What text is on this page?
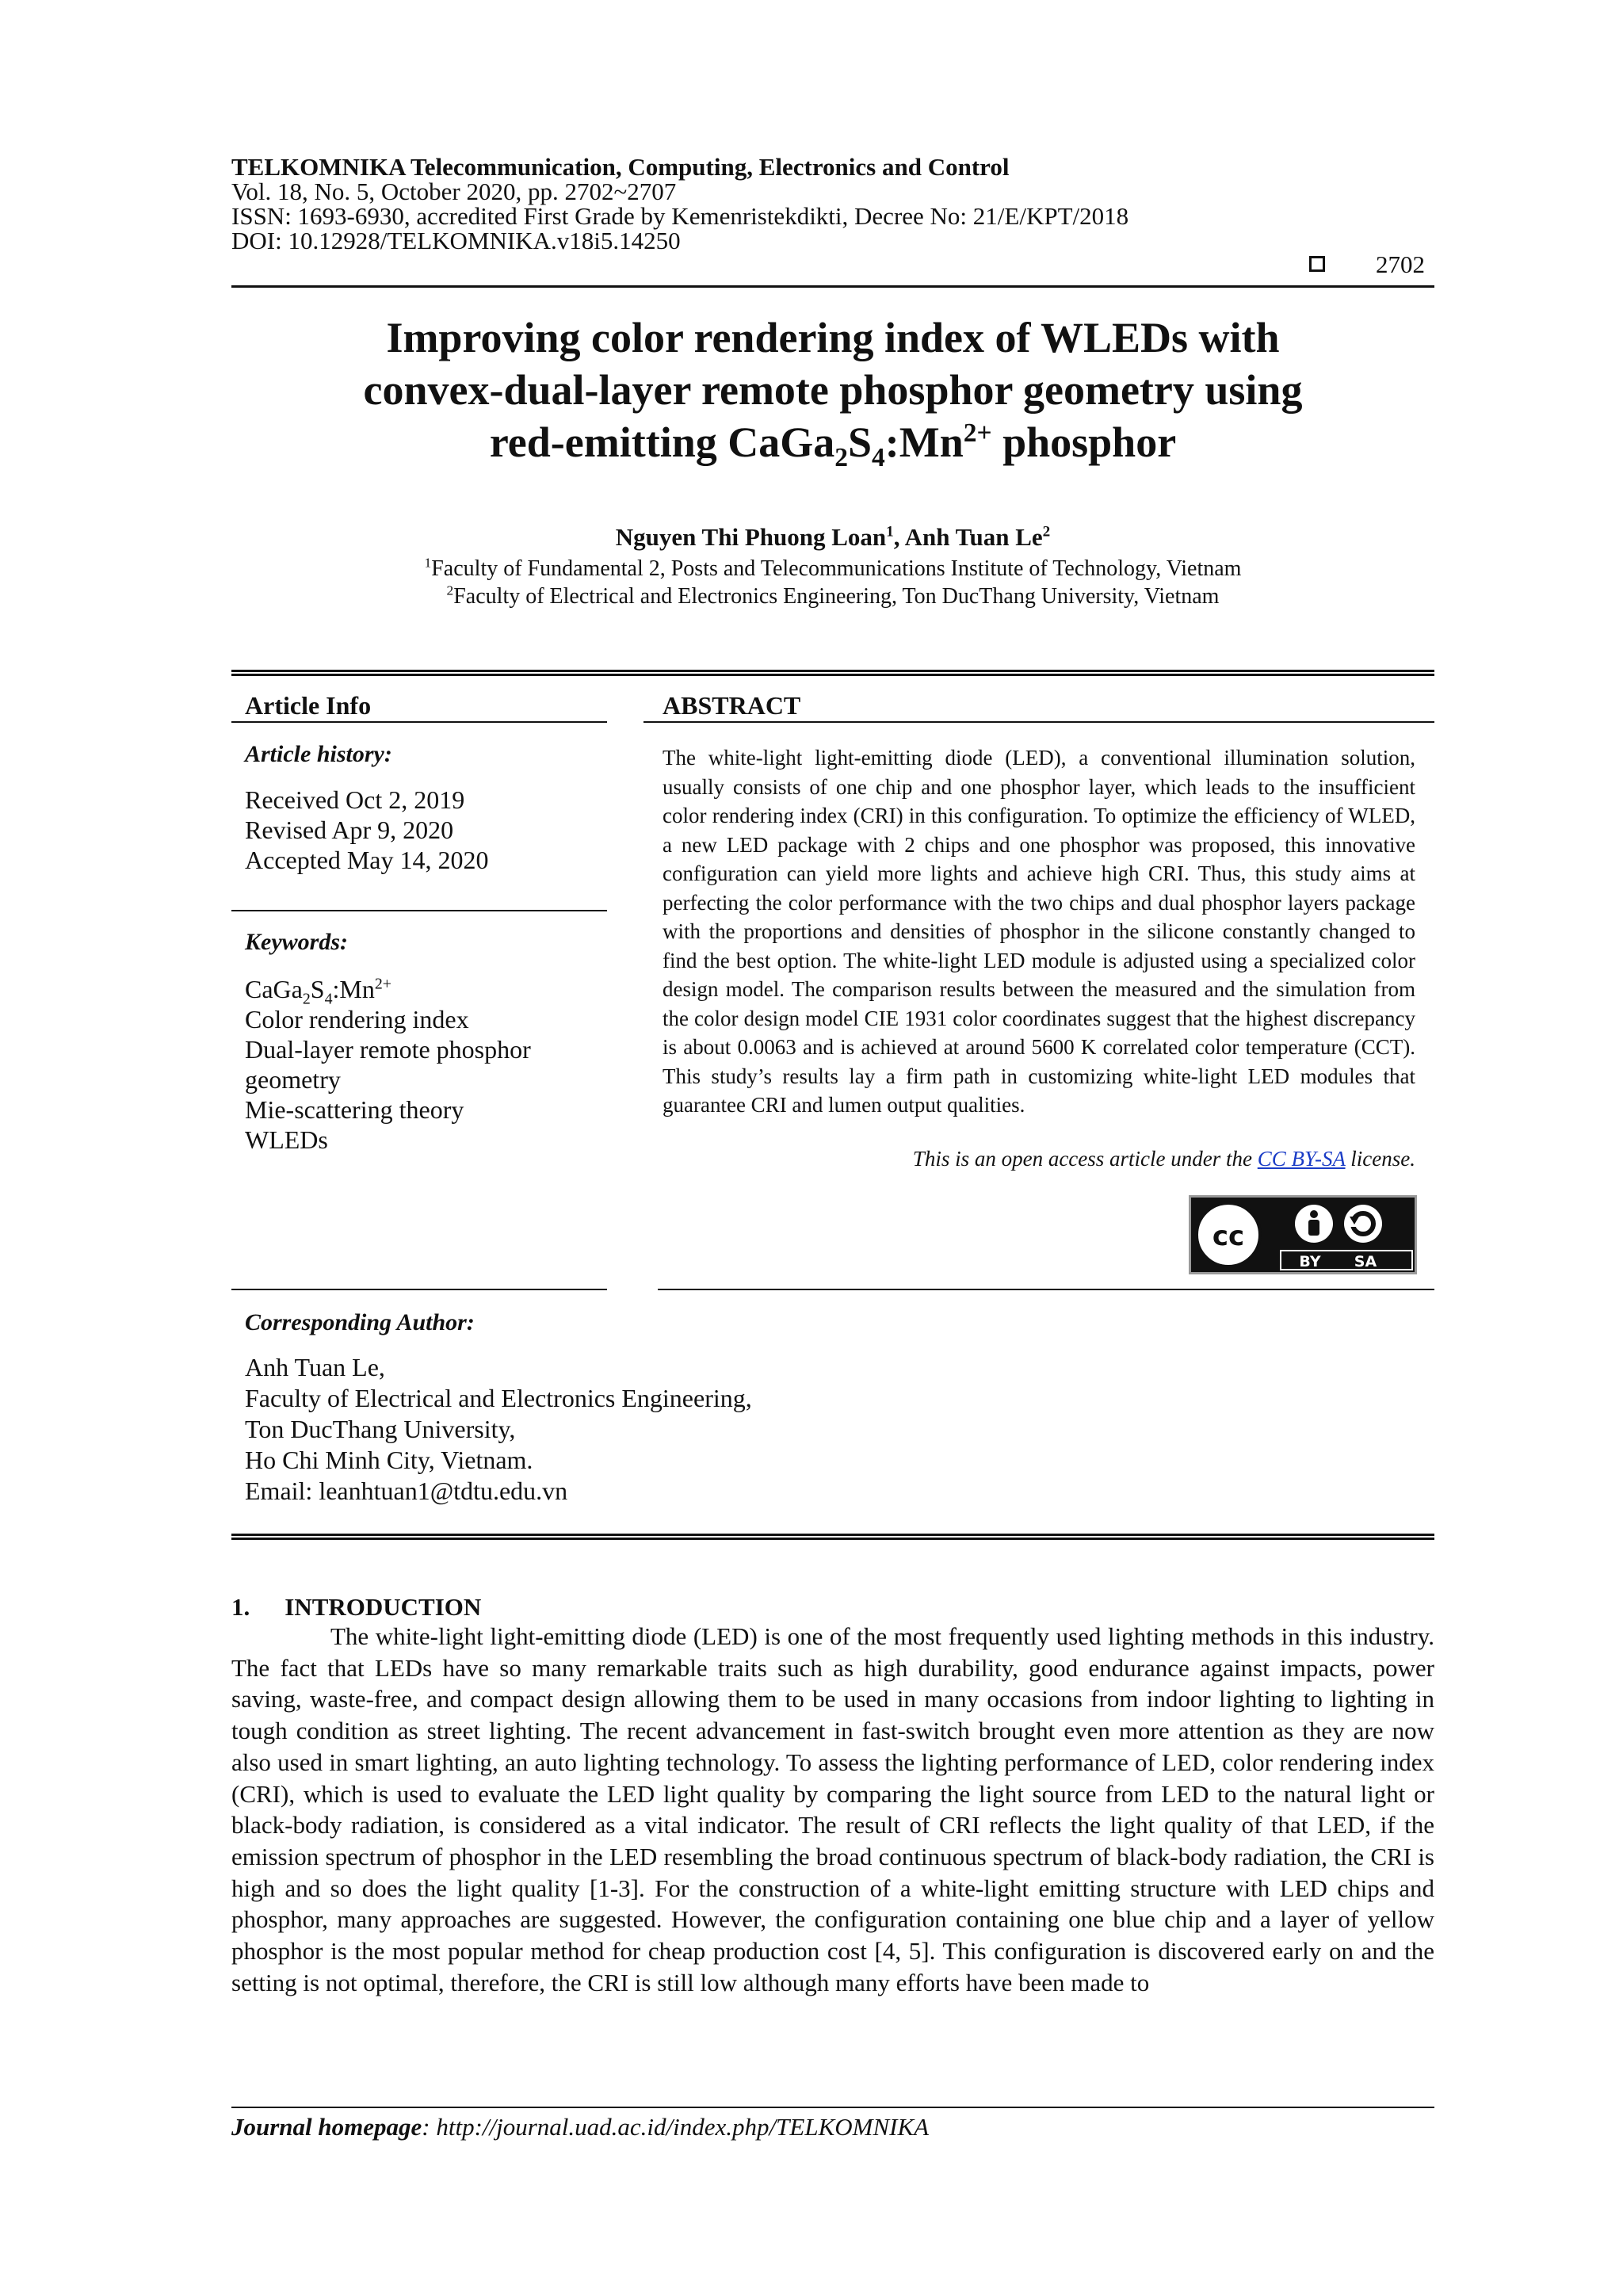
TELKOMNIKA Telecommunication, Computing, Electronics and Control
Vol. 18, No. 5, October 2020, pp. 2702~2707
ISSN: 1693-6930, accredited First Grade by Kemenristekdikti, Decree No: 21/E/KPT/2018
DOI: 10.12928/TELKOMNIKA.v18i5.14250
2702
Improving color rendering index of WLEDs with
convex-dual-layer remote phosphor geometry using
red-emitting $CaGa_2S_4:Mn^{2+}$ phosphor
Nguyen Thi Phuong Loan$^1$, Anh Tuan Le$^2$
$^1$Faculty of Fundamental 2, Posts and Telecommunications Institute of Technology, Vietnam
$^2$Faculty of Electrical and Electronics Engineering, Ton DucThang University, Vietnam
Article Info
Article history:
Received Oct 2, 2019
Revised Apr 9, 2020
Accepted May 14, 2020
Keywords:
$CaGa_2S_4:Mn^{2+}$
Color rendering index
Dual-layer remote phosphor
geometry
Mie-scattering theory
WLEDs
ABSTRACT
The white-light light-emitting diode (LED), a conventional illumination solution, usually consists of one chip and one phosphor layer, which leads to the insufficient color rendering index (CRI) in this configuration. To optimize the efficiency of WLED, a new LED package with 2 chips and one phosphor was proposed, this innovative configuration can yield more lights and achieve high CRI. Thus, this study aims at perfecting the color performance with the two chips and dual phosphor layers package with the proportions and densities of phosphor in the silicone constantly changed to find the best option. The white-light LED module is adjusted using a specialized color design model. The comparison results between the measured and the simulation from the color design model CIE 1931 color coordinates suggest that the highest discrepancy is about 0.0063 and is achieved at around 5600 K correlated color temperature (CCT). This study’s results lay a firm path in customizing white-light LED modules that guarantee CRI and lumen output qualities.
This is an open access article under the CC BY-SA license.
cc
BY SA
Corresponding Author:
Anh Tuan Le,
Faculty of Electrical and Electronics Engineering,
Ton DucThang University,
Ho Chi Minh City, Vietnam.
Email: leanhtuan1@tdtu.edu.vn
1. INTRODUCTION
The white-light light-emitting diode (LED) is one of the most frequently used lighting methods in this industry. The fact that LEDs have so many remarkable traits such as high durability, good endurance against impacts, power saving, waste-free, and compact design allowing them to be used in many occasions from indoor lighting to lighting in tough condition as street lighting. The recent advancement in fast-switch brought even more attention as they are now also used in smart lighting, an auto lighting technology. To assess the lighting performance of LED, color rendering index (CRI), which is used to evaluate the LED light quality by comparing the light source from LED to the natural light or black-body radiation, is considered as a vital indicator. The result of CRI reflects the light quality of that LED, if the emission spectrum of phosphor in the LED resembling the broad continuous spectrum of black-body radiation, the CRI is high and so does the light quality [1-3]. For the construction of a white-light emitting structure with LED chips and phosphor, many approaches are suggested. However, the configuration containing one blue chip and a layer of yellow phosphor is the most popular method for cheap production cost [4, 5]. This configuration is discovered early on and the setting is not optimal, therefore, the CRI is still low although many efforts have been made to
Journal homepage: http://journal.uad.ac.id/index.php/TELKOMNIKA
